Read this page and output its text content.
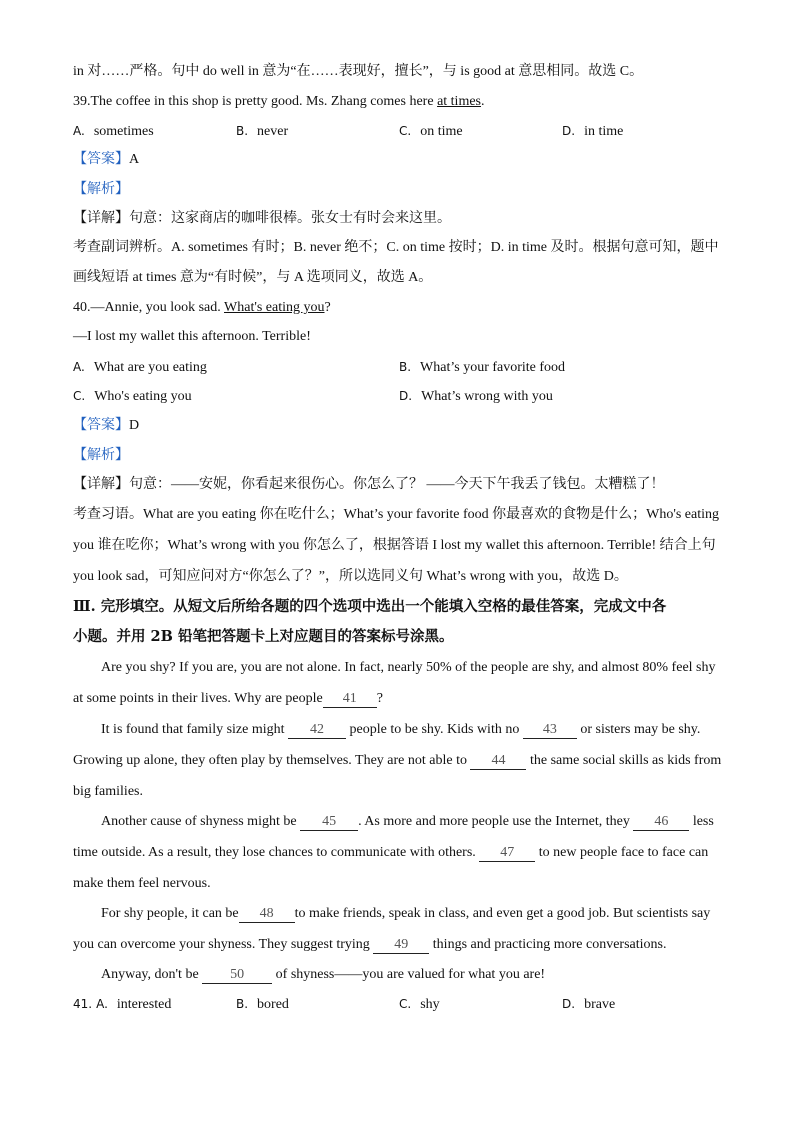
in 对……严格。句中 do well in 意为“在……表现好，擅长”，与 is good at 意思相同。故选 C。
39.The coffee in this shop is pretty good. Ms. Zhang comes here at times.
A. sometimes	B. never	C. on time	D. in time
【答案】A
【解析】
【详解】句意：这家商店的咖啡很棒。张女士有时会来这里。
考查副词辨析。A. sometimes 有时；B. never 绝不；C. on time 按时；D. in time 及时。根据句意可知，题中
画线短语 at times 意为“有时候”，与 A 选项同义，故选 A。
40.—Annie, you look sad. What's eating you?
—I lost my wallet this afternoon. Terrible!
A. What are you eating	B. What’s your favorite food
C. Who's eating you	D. What’s wrong with you
【答案】D
【解析】
【详解】句意：——安妮，你看起来很伤心。你怎么了？ ——今天下午我丢了钱包。太糟糕了！
考查习语。What are you eating 你在吃什么；What’s your favorite food 你最喜欢的食物是什么；Who's eating
you 谁在吃你；What’s wrong with you 你怎么了，根据答语 I lost my wallet this afternoon. Terrible! 结合上句
you look sad，可知应问对方“你怎么了？”，所以选同义句 What’s wrong with you，故选 D。
Ⅲ. 完形填空。从短文后所给各题的四个选项中选出一个能填入空格的最佳答案，完成文中各
小题。并用 2B 铅笔把答题卡上对应题目的答案标号涂黑。
Are you shy? If you are, you are not alone. In fact, nearly 50% of the people are shy, and almost 80% feel shy
at some points in their lives. Why are people 41 ?
It is found that family size might 42 people to be shy. Kids with no 43 or sisters may be shy.
Growing up alone, they often play by themselves. They are not able to 44 the same social skills as kids from
big families.
Another cause of shyness might be 45 . As more and more people use the Internet, they 46 less
time outside. As a result, they lose chances to communicate with others. 47 to new people face to face can
make them feel nervous.
For shy people, it can be 48 to make friends, speak in class, and even get a good job. But scientists say
you can overcome your shyness. They suggest trying 49 things and practicing more conversations.
Anyway, don't be 50 of shyness——you are valued for what you are!
41. A. interested	B. bored	C. shy	D. brave
